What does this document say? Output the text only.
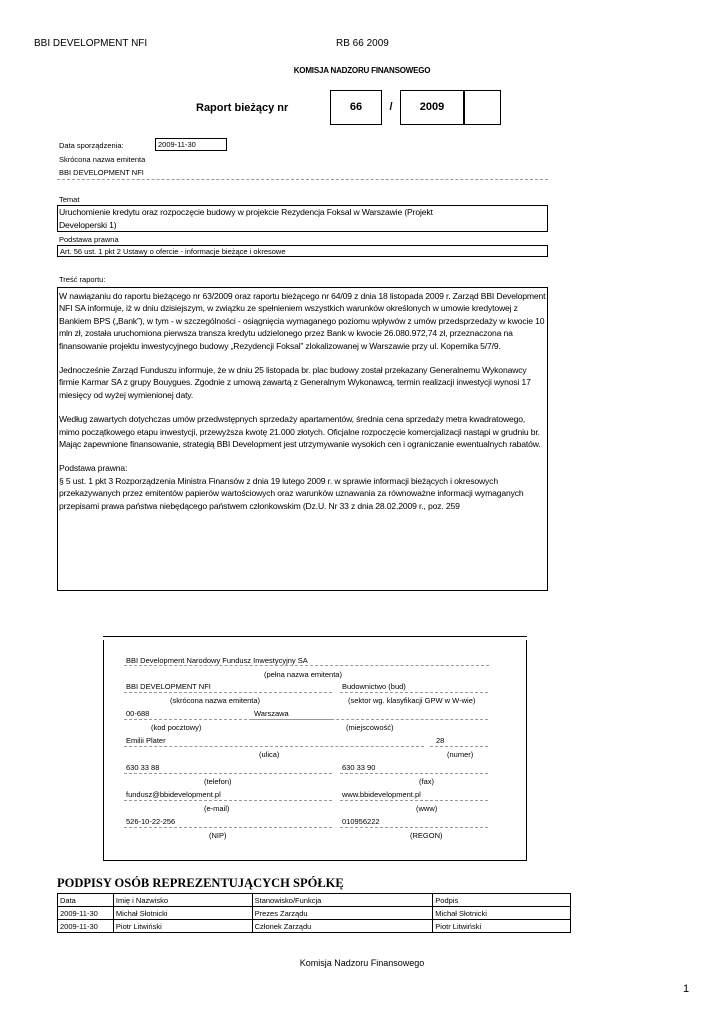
BBI DEVELOPMENT NFI	RB 66 2009
KOMISJA NADZORU FINANSOWEGO
Raport bieżący nr	66	/	2009
Data sporządzenia:	2009-11-30
Skrócona nazwa emitenta
BBI DEVELOPMENT NFI
Temat
Uruchomienie kredytu oraz rozpoczęcie budowy w projekcie Rezydencja Foksal w Warszawie (Projekt
Developerski 1)
Podstawa prawna
Art. 56 ust. 1 pkt 2 Ustawy o ofercie - informacje bieżące i okresowe
Treść raportu:

W nawiązaniu do raportu bieżącego nr 63/2009 oraz raportu bieżącego nr 64/09 z dnia 18 listopada 2009 r. Zarząd BBI Development NFI SA informuje, iż w dniu dzisiejszym, w związku ze spełnieniem wszystkich warunków określonych w umowie kredytowej z Bankiem BPS („Bank”), w tym - w szczególności - osiągnięcia wymaganego poziomu wpływów z umów przedsprzedaży w kwocie 10 mln zł, została uruchomiona pierwsza transza kredytu udzielonego przez Bank w kwocie 26.080.972,74 zł, przeznaczona na finansowanie projektu inwestycyjnego budowy „Rezydencji Foksal” zlokalizowanej w Warszawie przy ul. Kopernika 5/7/9.

Jednocześnie Zarząd Funduszu informuje, że w dniu 25 listopada br. plac budowy został przekazany Generalnemu Wykonawcy firmie Karmar SA z grupy Bouygues. Zgodnie z umową zawartą z Generalnym Wykonawcą, termin realizacji inwestycji wynosi 17 miesięcy od wyżej wymienionej daty.

Według zawartych dotychczas umów przedwstępnych sprzedaży apartamentów, średnia cena sprzedaży metra kwadratowego, mimo początkowego etapu inwestycji, przewyższa kwotę 21.000 złotych. Oficjalne rozpoczęcie komercjalizacji nastąpi w grudniu br. Mając zapewnione finansowanie, strategią BBI Development jest utrzymywanie wysokich cen i ograniczanie ewentualnych rabatów.

Podstawa prawna:
§ 5 ust. 1 pkt 3 Rozporządzenia Ministra Finansów z dnia 19 lutego 2009 r. w sprawie informacji bieżących i okresowych przekazywanych przez emitentów papierów wartościowych oraz warunków uznawania za równoważne informacji wymaganych przepisami prawa państwa niebędącego państwem członkowskim (Dz.U. Nr 33 z dnia 28.02.2009 r., poz. 259

BBI Development Narodowy Fundusz Inwestycyjny SA
(pełna nazwa emitenta)
BBI DEVELOPMENT NFI	Budownictwo (bud)
(skrócona nazwa emitenta)	(sektor wg. klasyfikacji GPW w W-wie)
00-688	Warszawa
(kod pocztowy)	(miejscowość)
Emilii Plater	28
(ulica)	(numer)
630 33 88	630 33 90
(telefon)	(fax)
fundusz@bbidevelopment.pl	www.bbidevelopment.pl
(e-mail)	(www)
526-10-22-256	010956222
(NIP)	(REGON)
PODPISY OSÓB REPREZENTUJĄCYCH SPÓŁKĘ
Data	Imię i Nazwisko	Stanowisko/Funkcja	Podpis
2009-11-30	Michał Słotnicki	Prezes Zarządu	Michał Słotnicki
2009-11-30	Piotr Litwiński	Członek Zarządu	Piotr Litwiński
Komisja Nadzoru Finansowego
1
